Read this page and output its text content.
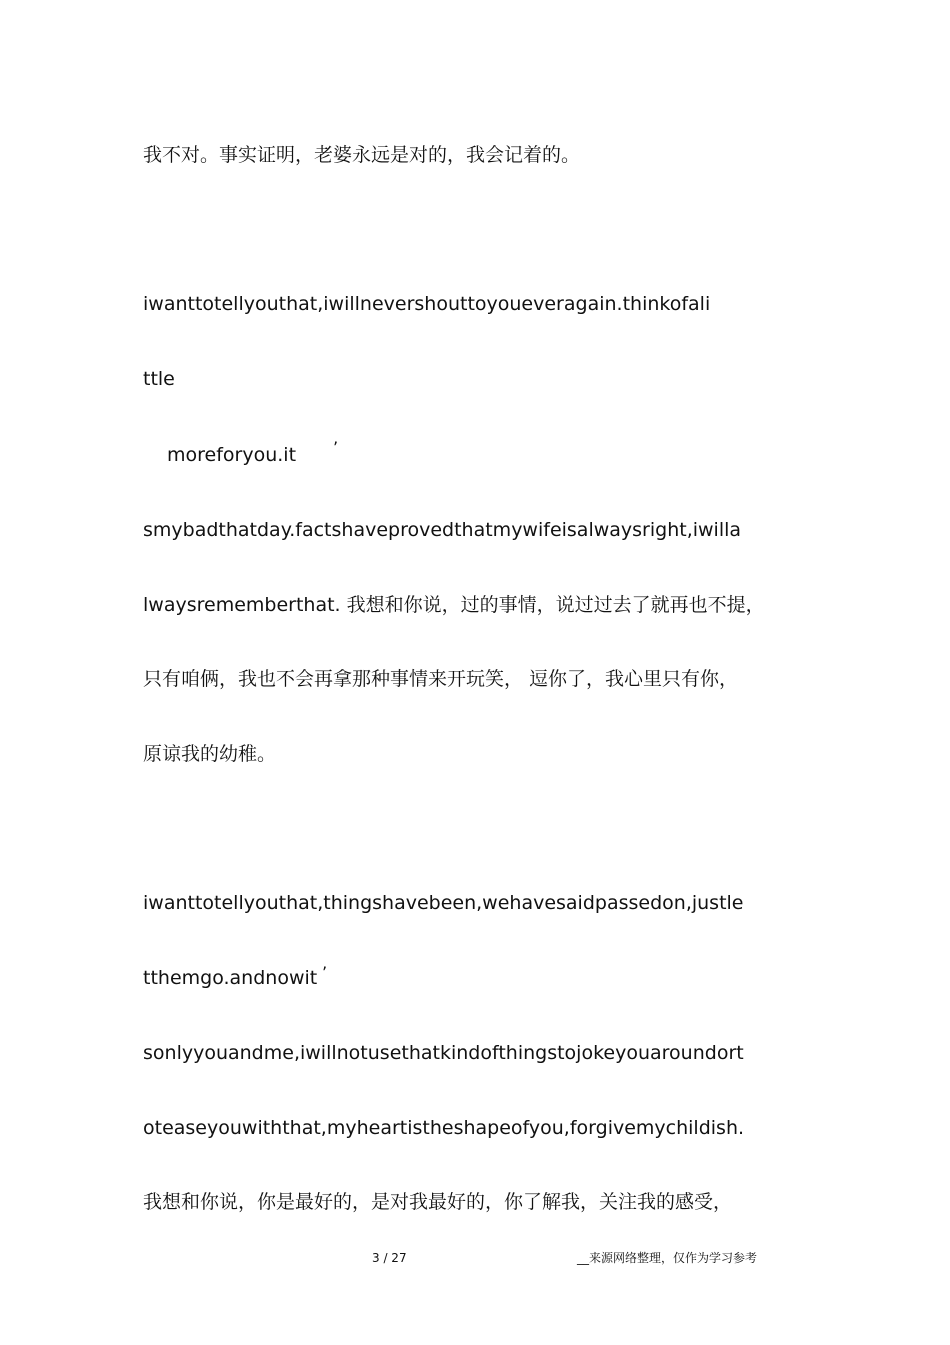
我不对。事实证明，老婆永远是对的，我会记着的。
iwanttotellyouthat,iwillnevershouttoyoueveragain.thinkofali
ttle
moreforyou.it ’
smybadthatday.factshaveprovedthatmywifeisalwaysright,iwilla
lwaysrememberthat. 我想和你说，过的事情，说过过去了就再也不提，
只有咱俩，我也不会再拿那种事情来开玩笑， 逗你了，我心里只有你，
原谅我的幼稚。
iwanttotellyouthat,thingshavebeen,wehavesaidpassedon,justle
tthemgo.andnowit ’
sonlyyouandme,iwillnotusethatkindofthingstojokeyouaroundort
oteaseyouwiththat,myheartistheshapeofyou,forgivemychildish.
我想和你说，你是最好的，是对我最好的，你了解我，关注我的感受，
3 / 27	__来源网络整理，仅作为学习参考
